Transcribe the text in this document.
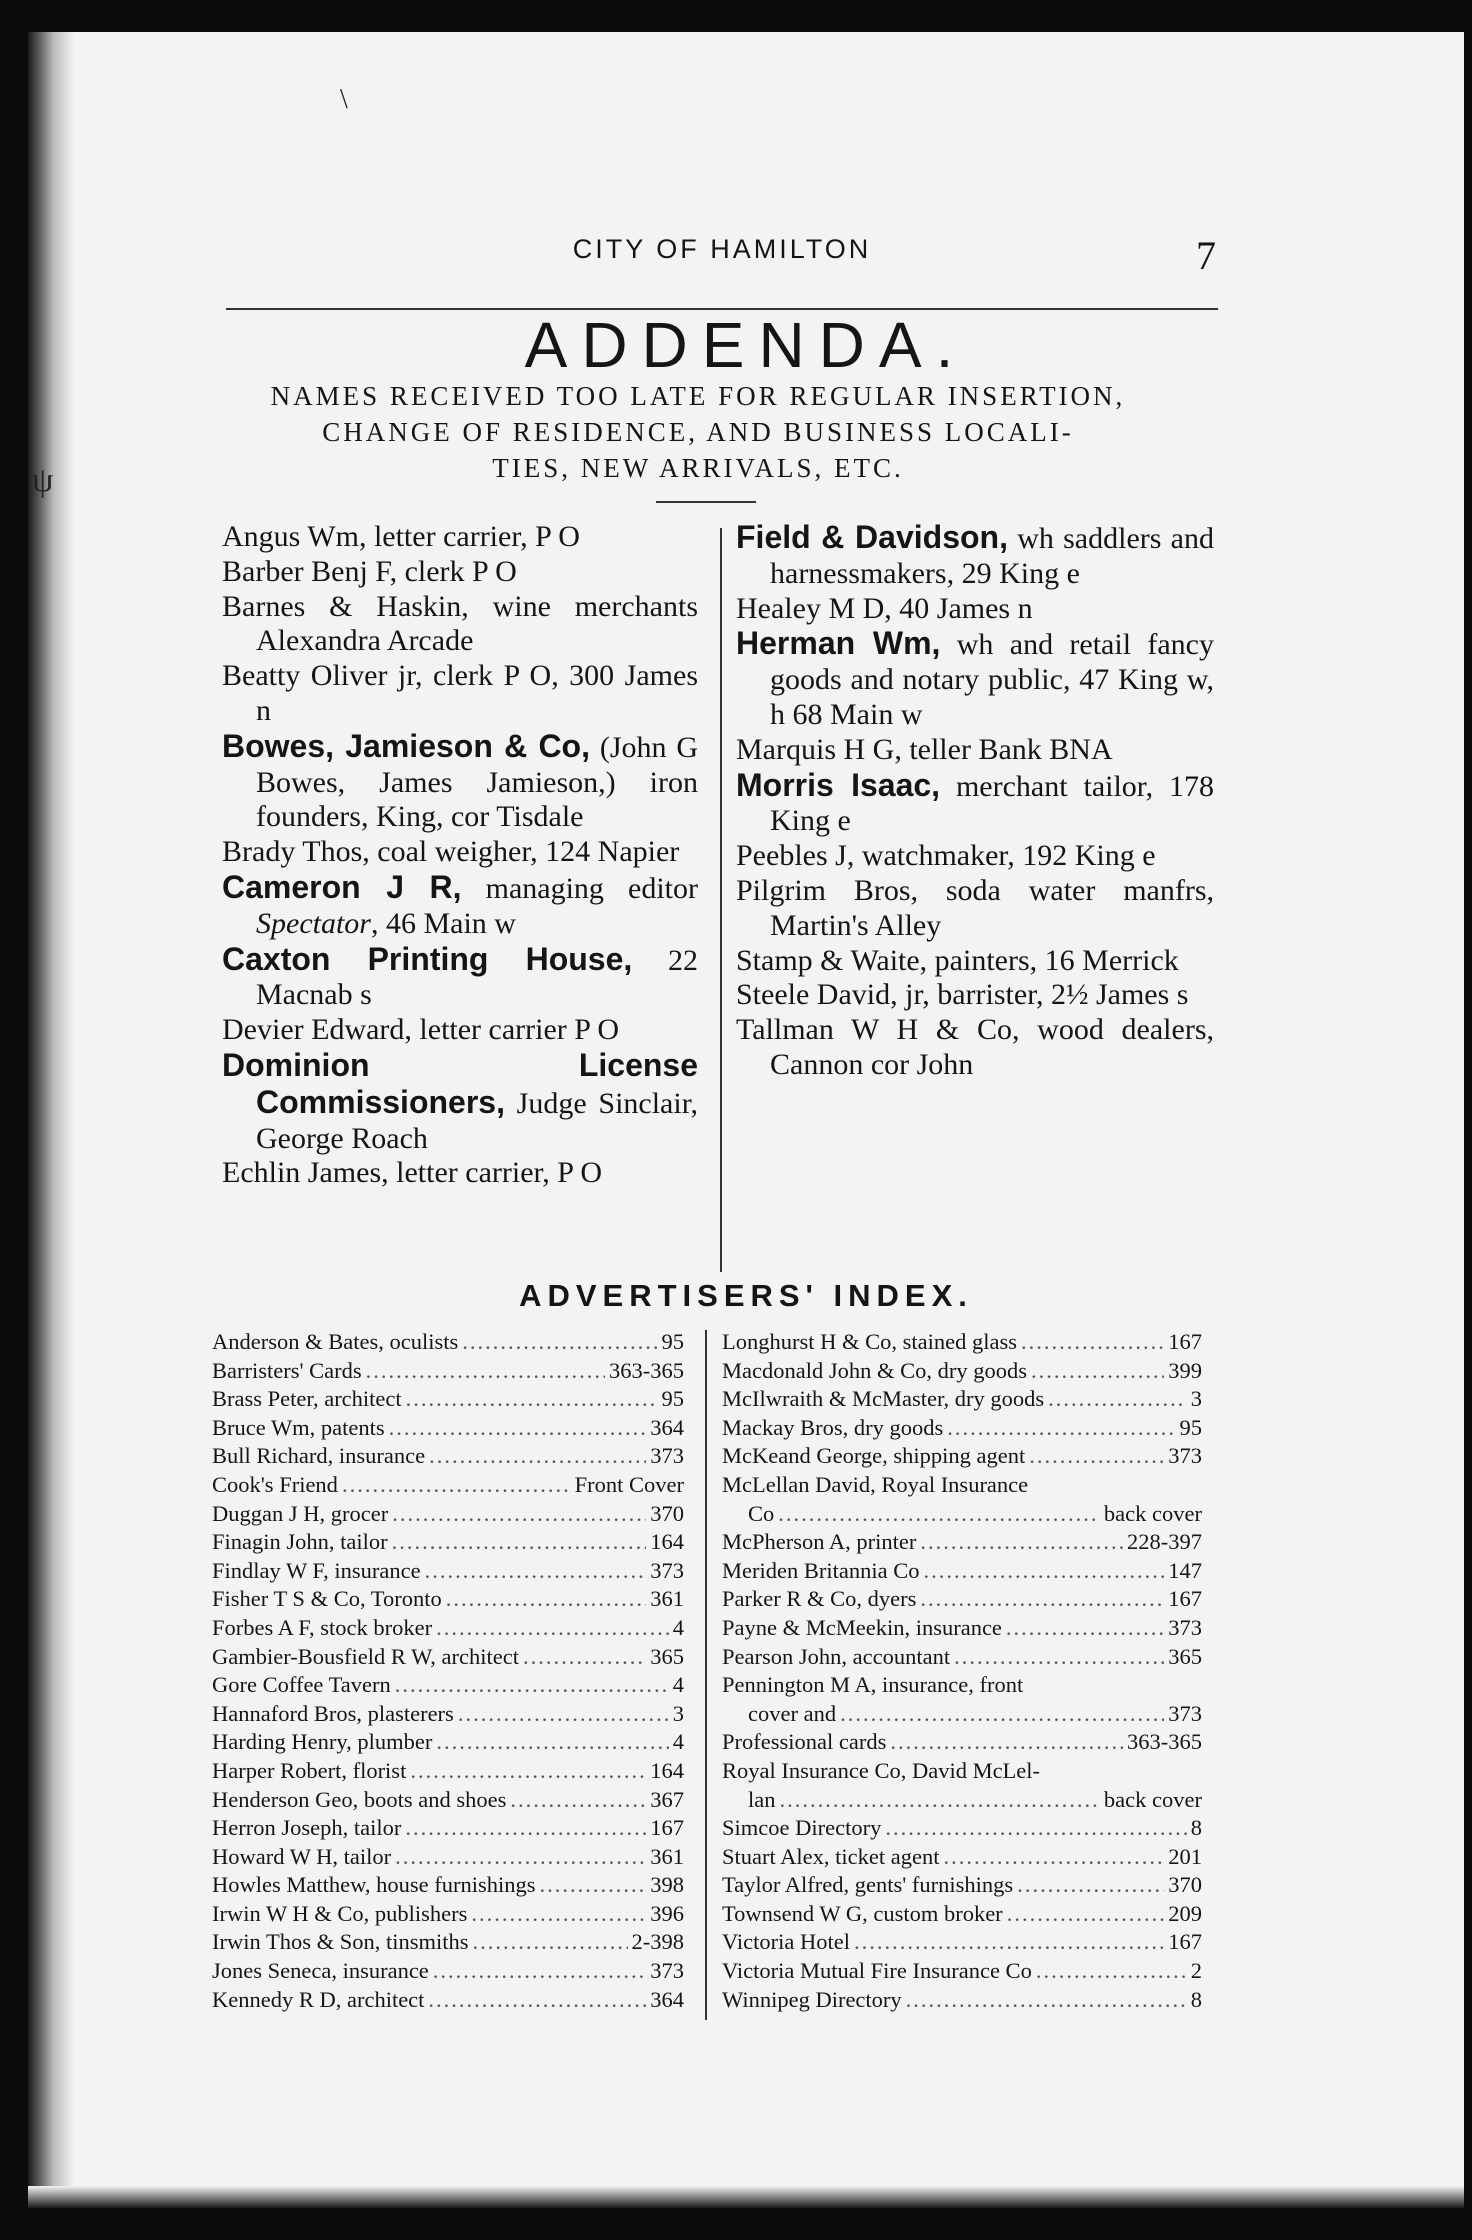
\
ψ
CITY OF HAMILTON	7
ADDENDA.
NAMES RECEIVED TOO LATE FOR REGULAR INSERTION,
CHANGE OF RESIDENCE, AND BUSINESS LOCALI-
TIES, NEW ARRIVALS, ETC.

Angus Wm, letter carrier, P O

Barber Benj F, clerk P O

Barnes & Haskin, wine merchants Alexandra Arcade

Beatty Oliver jr, clerk P O, 300 James n

Bowes, Jamieson & Co, (John G Bowes, James Jamieson,) iron founders, King, cor Tisdale

Brady Thos, coal weigher, 124 Napier

Cameron J R, managing editor Spectator, 46 Main w

Caxton Printing House, 22 Macnab s

Devier Edward, letter carrier P O

Dominion License Commissioners, Judge Sinclair, George Roach

Echlin James, letter carrier, P O

Field & Davidson, wh saddlers and harnessmakers, 29 King e

Healey M D, 40 James n

Herman Wm, wh and retail fancy goods and notary public, 47 King w, h 68 Main w

Marquis H G, teller Bank BNA

Morris Isaac, merchant tailor, 178 King e

Peebles J, watchmaker, 192 King e

Pilgrim Bros, soda water manfrs, Martin's Alley

Stamp & Waite, painters, 16 Merrick

Steele David, jr, barrister, 2½ James s

Tallman W H & Co, wood dealers, Cannon cor John

ADVERTISERS' INDEX.
Anderson & Bates, oculists .....	95
Barristers' Cards .....	363-365
Brass Peter, architect .....	95
Bruce Wm, patents .....	364
Bull Richard, insurance .....	373
Cook's Friend .....	Front Cover
Duggan J H, grocer .....	370
Finagin John, tailor .....	164
Findlay W F, insurance .....	373
Fisher T S & Co, Toronto .....	361
Forbes A F, stock broker .....	4
Gambier-Bousfield R W, architect .....	365
Gore Coffee Tavern .....	4
Hannaford Bros, plasterers .....	3
Harding Henry, plumber .....	4
Harper Robert, florist .....	164
Henderson Geo, boots and shoes .....	367
Herron Joseph, tailor .....	167
Howard W H, tailor .....	361
Howles Matthew, house furnishings .....	398
Irwin W H & Co, publishers .....	396
Irwin Thos & Son, tinsmiths .....	2-398
Jones Seneca, insurance .....	373
Kennedy R D, architect .....	364
Longhurst H & Co, stained glass .....	167
Macdonald John & Co, dry goods .....	399
McIlwraith & McMaster, dry goods .....	3
Mackay Bros, dry goods .....	95
McKeand George, shipping agent .....	373
McLellan David, Royal Insurance
Co .....	back cover
McPherson A, printer .....	228-397
Meriden Britannia Co .....	147
Parker R & Co, dyers .....	167
Payne & McMeekin, insurance .....	373
Pearson John, accountant .....	365
Pennington M A, insurance, front
cover and .....	373
Professional cards .....	363-365
Royal Insurance Co, David McLel-
lan .....	back cover
Simcoe Directory .....	8
Stuart Alex, ticket agent .....	201
Taylor Alfred, gents' furnishings .....	370
Townsend W G, custom broker .....	209
Victoria Hotel .....	167
Victoria Mutual Fire Insurance Co .....	2
Winnipeg Directory .....	8
